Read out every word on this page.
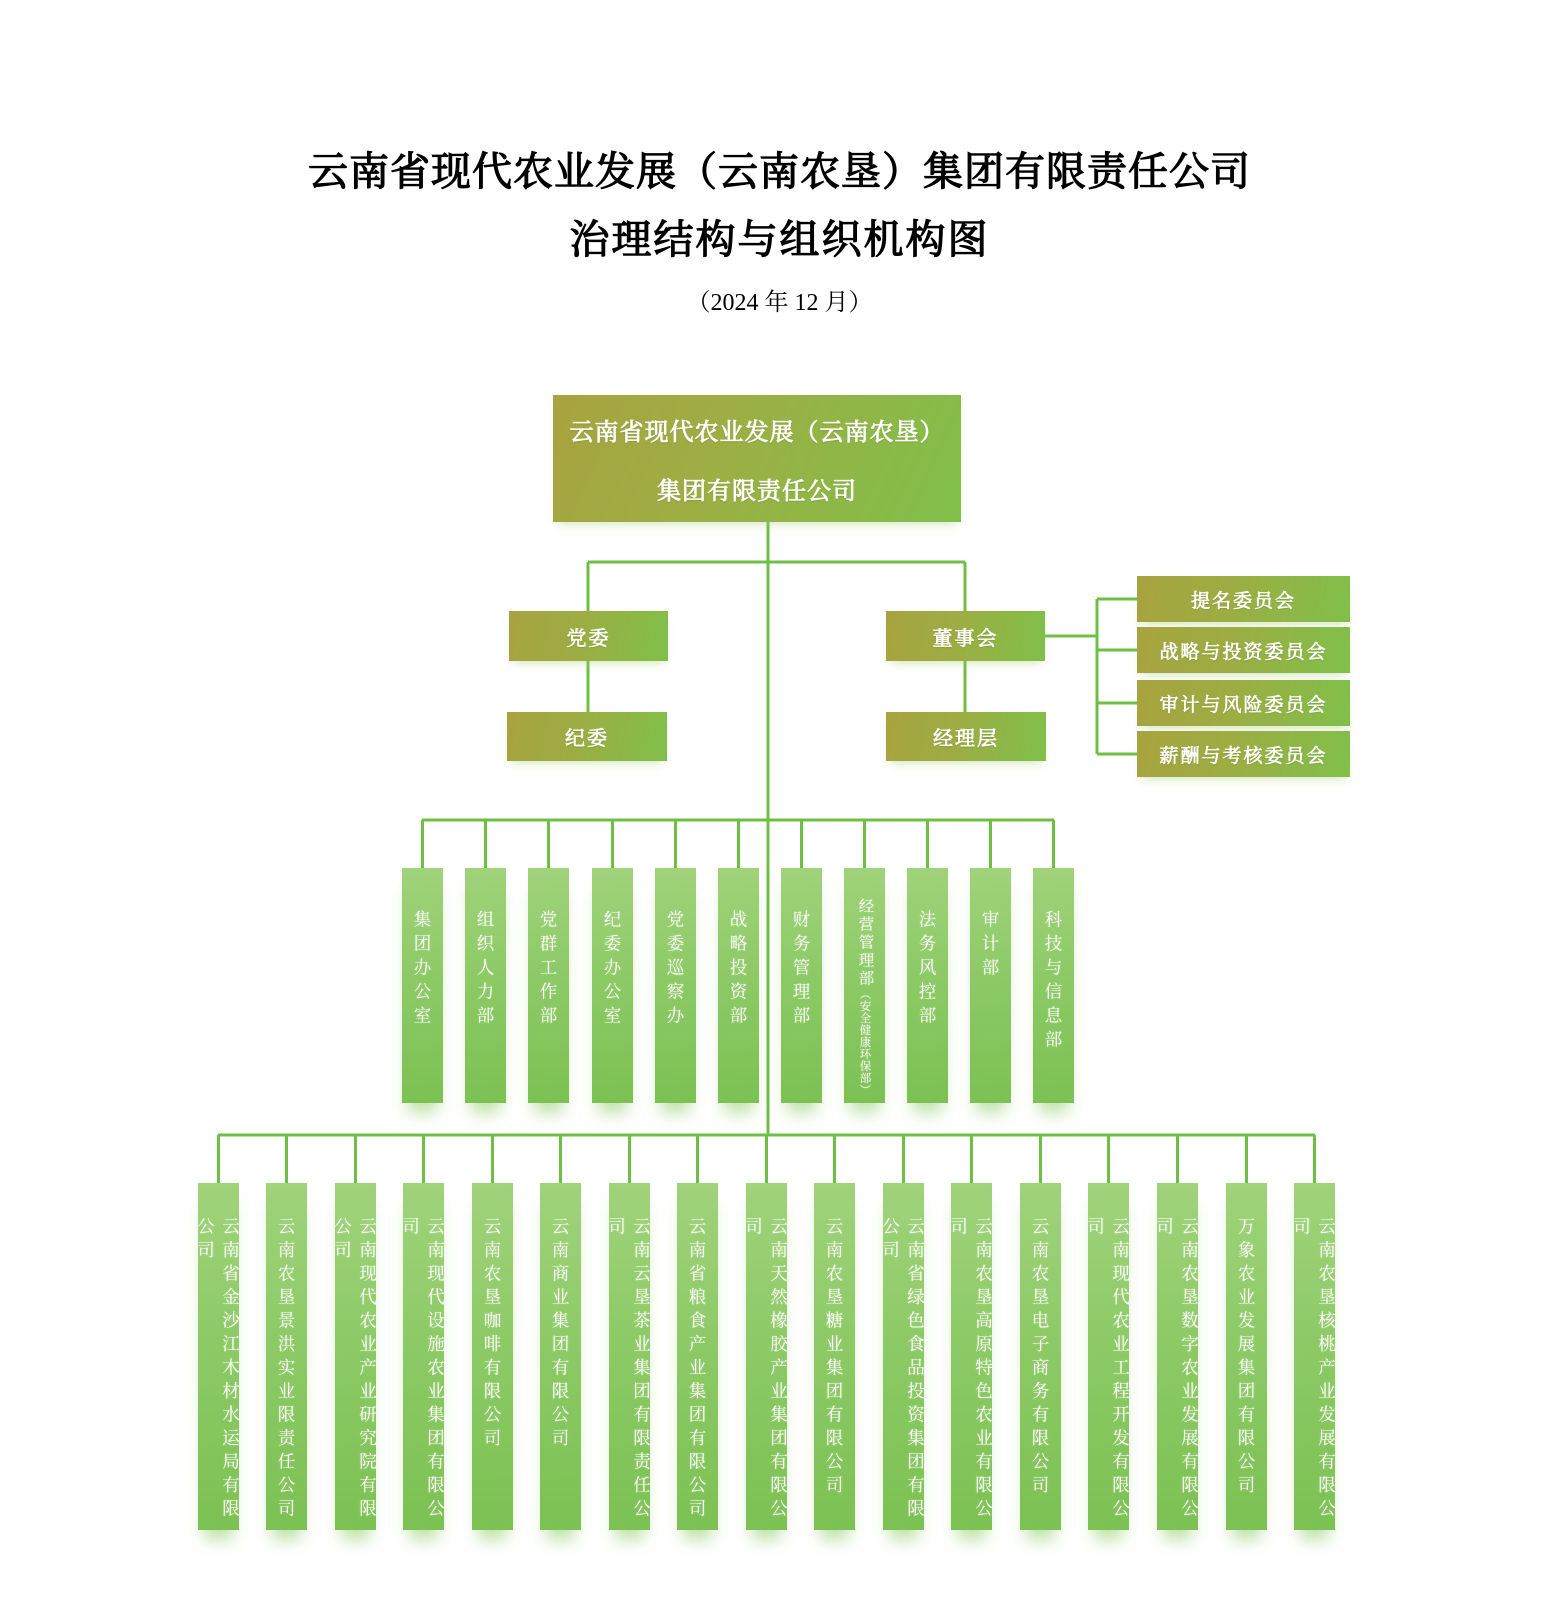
云南省现代农业发展（云南农垦）集团有限责任公司
治理结构与组织机构图
（2024 年 12 月）
云南省现代农业发展（云南农垦）
集团有限责任公司
党委
纪委
董事会
经理层
提名委员会
战略与投资委员会
审计与风险委员会
薪酬与考核委员会
集团办公室 组织人力部 党群工作部	纪委办公室 党委巡察办 战略投资部 财务管理部	经营管理部（安全健康环保部）
法务风控部 审计部 科技与信息部
云南省金沙江木材水运局有限公司	云南农垦景洪实业限责任公司	云南现代农业产业研究院有限公司	云南现代设施农业集团有限公司	云南农垦咖啡有限公司	云南商业集团有限公司	云南云垦茶业集团有限责任公司	云南省粮食产业集团有限公司	云南天然橡胶产业集团有限公司	云南农垦糖业集团有限公司	云南省绿色食品投资集团有限公司	云南农垦高原特色农业有限公司	云南农垦电子商务有限公司	云南现代农业工程开发有限公司	云南农垦数字农业发展有限公司	万象农业发展集团有限公司	云南农垦核桃产业发展有限公司
